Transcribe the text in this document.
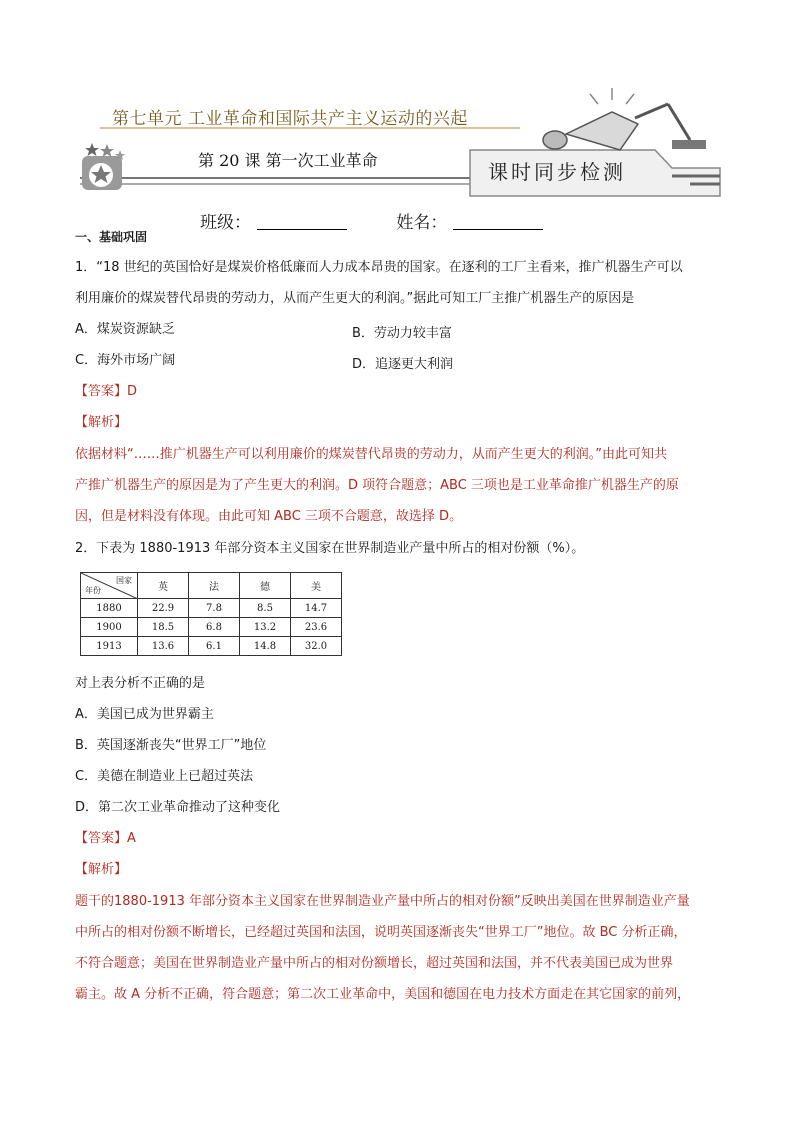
第七单元 工业革命和国际共产主义运动的兴起
第 20 课 第一次工业革命	课时同步检测
班级：	姓名：
一、基础巩固
1．“18 世纪的英国恰好是煤炭价格低廉而人力成本昂贵的国家。在逐利的工厂主看来，推广机器生产可以
利用廉价的煤炭替代昂贵的劳动力，从而产生更大的利润。”据此可知工厂主推广机器生产的原因是
A．煤炭资源缺乏	B．劳动力较丰富
C．海外市场广阔	D．追逐更大利润
【答案】D
【解析】
依据材料“……推广机器生产可以利用廉价的煤炭替代昂贵的劳动力，从而产生更大的利润。”由此可知共
产推广机器生产的原因是为了产生更大的利润。D 项符合题意；ABC 三项也是工业革命推广机器生产的原
因，但是材料没有体现。由此可知 ABC 三项不合题意，故选择 D。
2．下表为 1880-1913 年部分资本主义国家在世界制造业产量中所占的相对份额（%）。
国家
年份	英	法	德	美
1880	22.9	7.8	8.5	14.7
1900	18.5	6.8	13.2	23.6
1913	13.6	6.1	14.8	32.0
对上表分析不正确的是
A．美国已成为世界霸主
B．英国逐渐丧失“世界工厂”地位
C．美德在制造业上已超过英法
D．第二次工业革命推动了这种变化
【答案】A
【解析】
题干的1880-1913 年部分资本主义国家在世界制造业产量中所占的相对份额”反映出美国在世界制造业产量
中所占的相对份额不断增长，已经超过英国和法国，说明英国逐渐丧失“世界工厂”地位。故 BC 分析正确，
不符合题意；美国在世界制造业产量中所占的相对份额增长，超过英国和法国，并不代表美国已成为世界
霸主。故 A 分析不正确，符合题意；第二次工业革命中，美国和德国在电力技术方面走在其它国家的前列，
